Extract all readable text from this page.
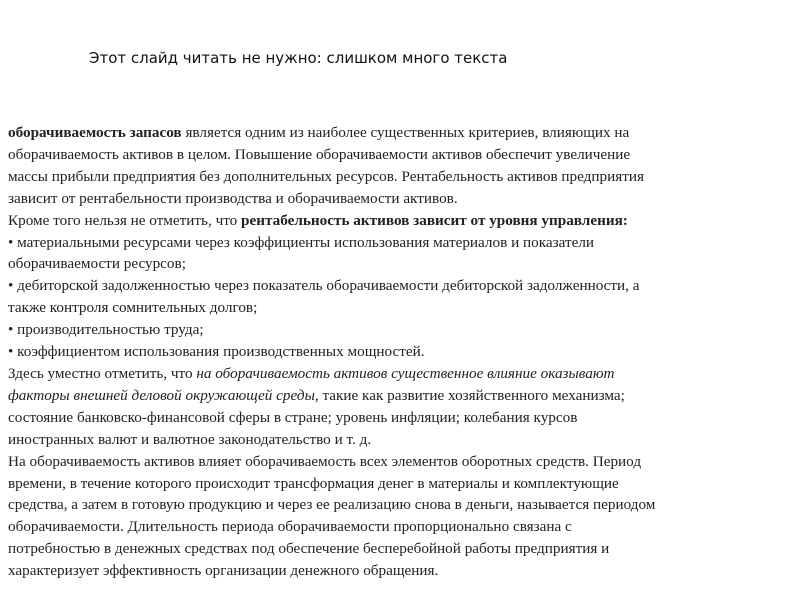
Этот слайд читать не нужно: слишком много текста
оборачиваемость запасов является одним из наиболее существенных критериев, влияющих на
оборачиваемость активов в целом. Повышение оборачиваемости активов обеспечит увеличение
массы прибыли предприятия без дополнительных ресурсов. Рентабельность активов предприятия
зависит от рентабельности производства и оборачиваемости активов.
Кроме того нельзя не отметить, что рентабельность активов зависит от уровня управления:
• материальными ресурсами через коэффициенты использования материалов и показатели
оборачиваемости ресурсов;
• дебиторской задолженностью через показатель оборачиваемости дебиторской задолженности, а
также контроля сомнительных долгов;
• производительностью труда;
• коэффициентом использования производственных мощностей.
Здесь уместно отметить, что на оборачиваемость активов существенное влияние оказывают
факторы внешней деловой окружающей среды, такие как развитие хозяйственного механизма;
состояние банковско-финансовой сферы в стране; уровень инфляции; колебания курсов
иностранных валют и валютное законодательство и т. д.
На оборачиваемость активов влияет оборачиваемость всех элементов оборотных средств. Период
времени, в течение которого происходит трансформация денег в материалы и комплектующие
средства, а затем в готовую продукцию и через ее реализацию снова в деньги, называется периодом
оборачиваемости. Длительность периода оборачиваемости пропорционально связана с
потребностью в денежных средствах под обеспечение бесперебойной работы предприятия и
характеризует эффективность организации денежного обращения.
